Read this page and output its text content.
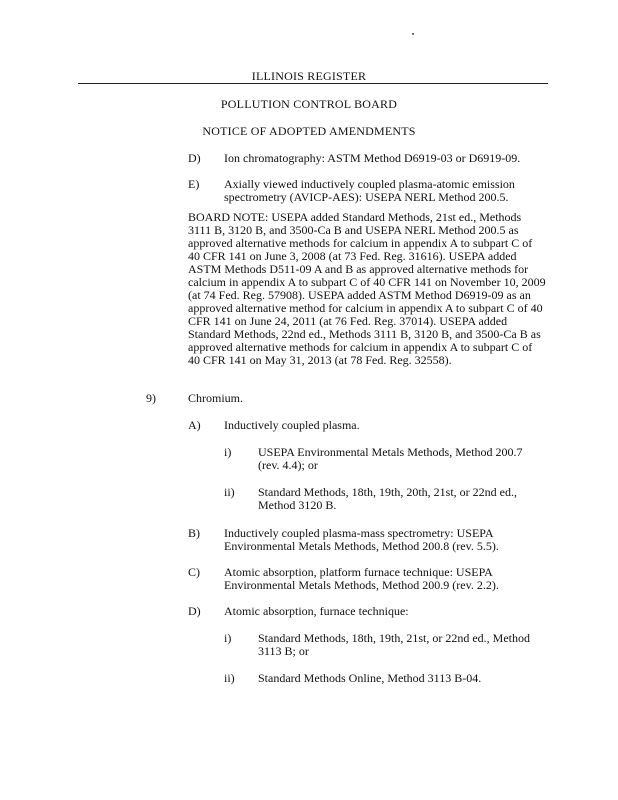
ILLINOIS REGISTER
POLLUTION CONTROL BOARD
NOTICE OF ADOPTED AMENDMENTS
D) Ion chromatography: ASTM Method D6919-03 or D6919-09.
E) Axially viewed inductively coupled plasma-atomic emission
spectrometry (AVICP-AES): USEPA NERL Method 200.5.
BOARD NOTE: USEPA added Standard Methods, 21st ed., Methods
3111 B, 3120 B, and 3500-Ca B and USEPA NERL Method 200.5 as
approved alternative methods for calcium in appendix A to subpart C of
40 CFR 141 on June 3, 2008 (at 73 Fed. Reg. 31616). USEPA added
ASTM Methods D511-09 A and B as approved alternative methods for
calcium in appendix A to subpart C of 40 CFR 141 on November 10, 2009
(at 74 Fed. Reg. 57908). USEPA added ASTM Method D6919-09 as an
approved alternative method for calcium in appendix A to subpart C of 40
CFR 141 on June 24, 2011 (at 76 Fed. Reg. 37014). USEPA added
Standard Methods, 22nd ed., Methods 3111 B, 3120 B, and 3500-Ca B as
approved alternative methods for calcium in appendix A to subpart C of
40 CFR 141 on May 31, 2013 (at 78 Fed. Reg. 32558).
9)	Chromium.
A) Inductively coupled plasma.
i) USEPA Environmental Metals Methods, Method 200.7
(rev. 4.4); or
ii) Standard Methods, 18th, 19th, 20th, 21st, or 22nd ed.,
Method 3120 B.
B) Inductively coupled plasma-mass spectrometry: USEPA
Environmental Metals Methods, Method 200.8 (rev. 5.5).
C) Atomic absorption, platform furnace technique: USEPA
Environmental Metals Methods, Method 200.9 (rev. 2.2).
D) Atomic absorption, furnace technique:
i) Standard Methods, 18th, 19th, 21st, or 22nd ed., Method
3113 B; or
ii) Standard Methods Online, Method 3113 B-04.
